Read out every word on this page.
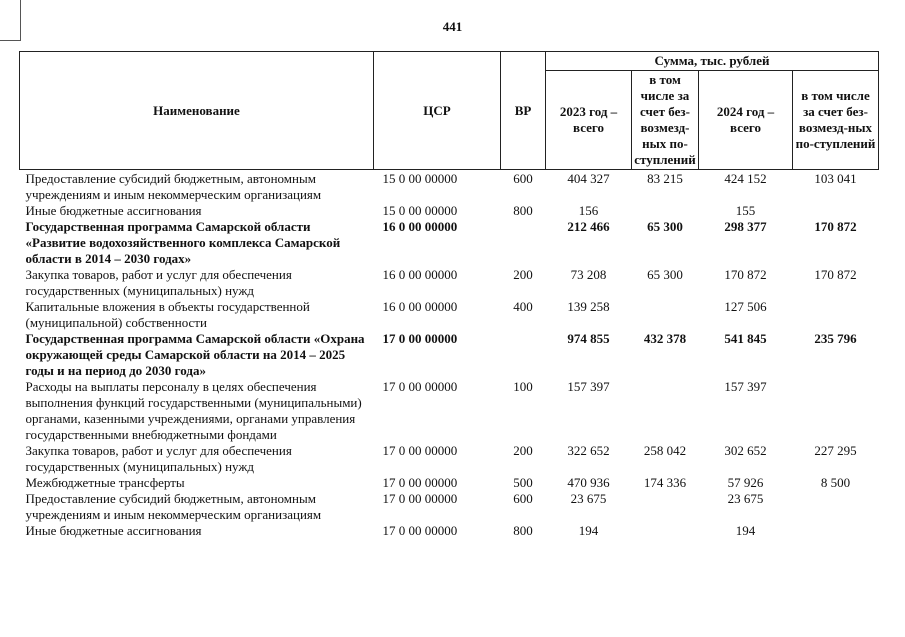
441
Наименование	ЦСР	ВР	Сумма, тыс. рублей			
			2023 год – всего	в том числе за счет без-возмезд-ных по-ступлений	2024 год – всего	в том числе за счет без-возмезд-ных по-ступлений
Предоставление субсидий бюджетным, автономным учреждениям и иным некоммерческим организациям	15 0 00 00000	600	404 327	83 215	424 152	103 041
Иные бюджетные ассигнования	15 0 00 00000	800	156		155	
Государственная программа Самарской области «Развитие водохозяйственного комплекса Самарской области в 2014 – 2030 годах»	16 0 00 00000		212 466	65 300	298 377	170 872
Закупка товаров, работ и услуг для обеспечения государственных (муниципальных) нужд	16 0 00 00000	200	73 208	65 300	170 872	170 872
Капитальные вложения в объекты государственной (муниципальной) собственности	16 0 00 00000	400	139 258		127 506	
Государственная программа Самарской области «Охрана окружающей среды Самарской области на 2014 – 2025 годы и на период до 2030 года»	17 0 00 00000		974 855	432 378	541 845	235 796
Расходы на выплаты персоналу в целях обеспечения выполнения функций государственными (муниципальными) органами, казенными учреждениями, органами управления государственными внебюджетными фондами	17 0 00 00000	100	157 397		157 397	
Закупка товаров, работ и услуг для обеспечения государственных (муниципальных) нужд	17 0 00 00000	200	322 652	258 042	302 652	227 295
Межбюджетные трансферты	17 0 00 00000	500	470 936	174 336	57 926	8 500
Предоставление субсидий бюджетным, автономным учреждениям и иным некоммерческим организациям	17 0 00 00000	600	23 675		23 675	
Иные бюджетные ассигнования	17 0 00 00000	800	194		194	
